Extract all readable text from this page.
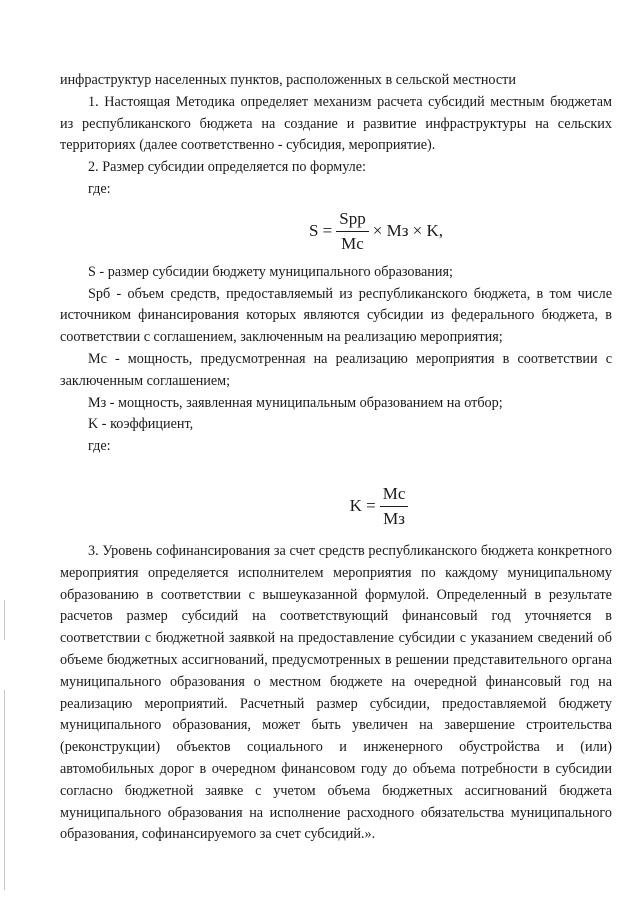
инфраструктур населенных пунктов, расположенных в сельской местности

1. Настоящая Методика определяет механизм расчета субсидий местным бюджетам из республиканского бюджета на создание и развитие инфраструктуры на сельских территориях (далее соответственно - субсидия, мероприятие).

2. Размер субсидии определяется по формуле:

где:

$S = \frac{\text{Spp}}{Mc}$ × Mз × K,

S - размер субсидии бюджету муниципального образования;

Spб - объем средств, предоставляемый из республиканского бюджета, в том числе источником финансирования которых являются субсидии из федерального бюджета, в соответствии с соглашением, заключенным на реализацию мероприятия;

Mc - мощность, предусмотренная на реализацию мероприятия в соответствии с заключенным соглашением;

Mз - мощность, заявленная муниципальным образованием на отбор;

K - коэффициент,

где:

$K = \frac{Mc}{Mз}$

3. Уровень софинансирования за счет средств республиканского бюджета конкретного мероприятия определяется исполнителем мероприятия по каждому муниципальному образованию в соответствии с вышеуказанной формулой. Определенный в результате расчетов размер субсидий на соответствующий финансовый год уточняется в соответствии с бюджетной заявкой на предоставление субсидии с указанием сведений об объеме бюджетных ассигнований, предусмотренных в решении представительного органа муниципального образования о местном бюджете на очередной финансовый год на реализацию мероприятий. Расчетный размер субсидии, предоставляемой бюджету муниципального образования, может быть увеличен на завершение строительства (реконструкции) объектов социального и инженерного обустройства и (или) автомобильных дорог в очередном финансовом году до объема потребности в субсидии согласно бюджетной заявке с учетом объема бюджетных ассигнований бюджета муниципального образования на исполнение расходного обязательства муниципального образования, софинансируемого за счет субсидий.».
